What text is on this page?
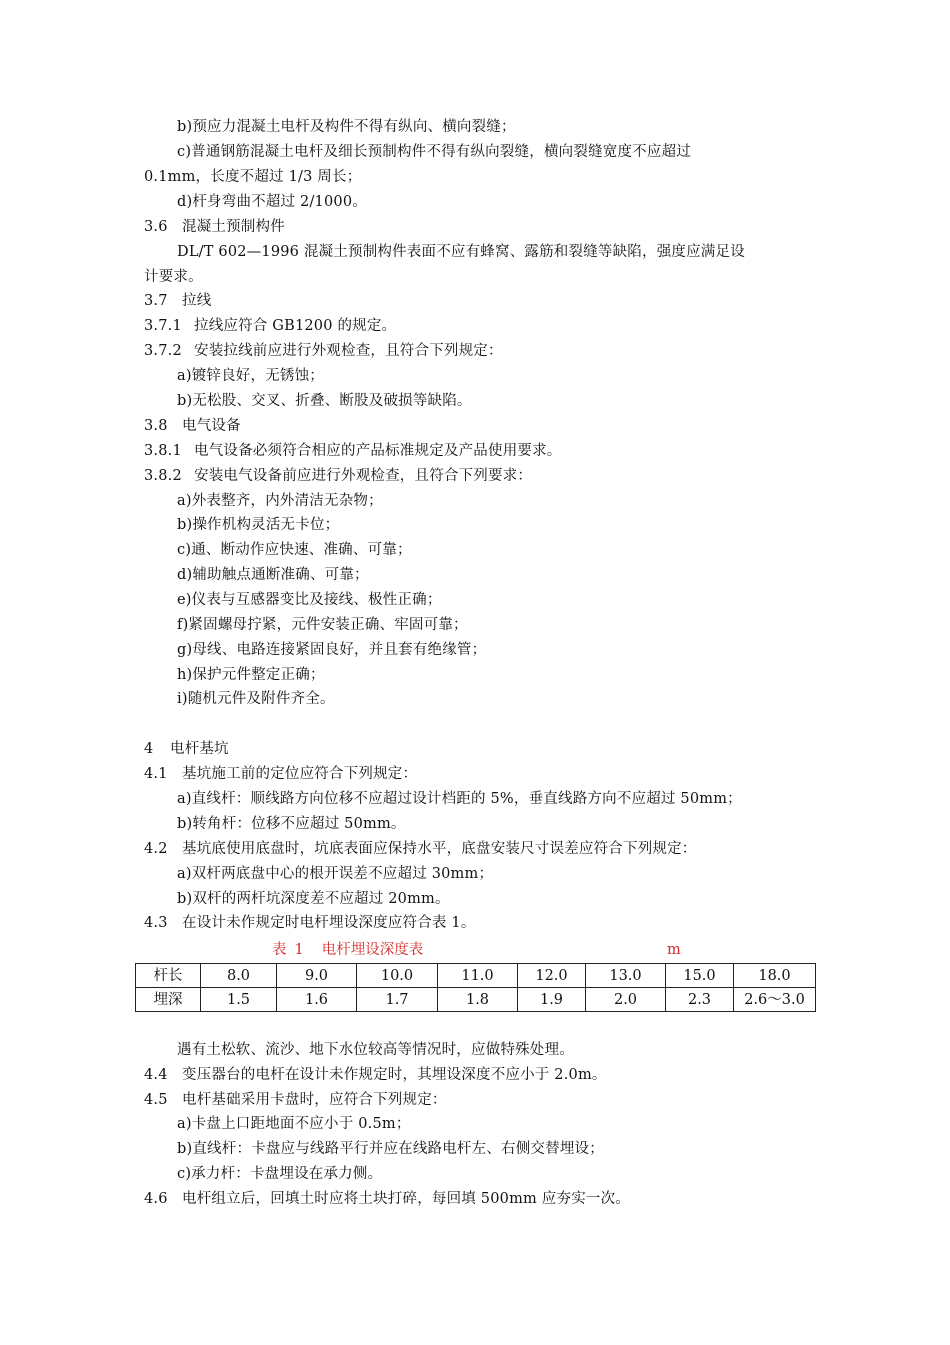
b)预应力混凝土电杆及构件不得有纵向、横向裂缝；
c)普通钢筋混凝土电杆及细长预制构件不得有纵向裂缝，横向裂缝宽度不应超过
0.1mm，长度不超过 1/3 周长；
d)杆身弯曲不超过 2/1000。
3.6 混凝土预制构件
DL/T 602—1996 混凝土预制构件表面不应有蜂窝、露筋和裂缝等缺陷，强度应满足设
计要求。
3.7 拉线
3.7.1 拉线应符合 GB1200 的规定。
3.7.2 安装拉线前应进行外观检查，且符合下列规定：
a)镀锌良好，无锈蚀；
b)无松股、交叉、折叠、断股及破损等缺陷。
3.8 电气设备
3.8.1 电气设备必须符合相应的产品标准规定及产品使用要求。
3.8.2 安装电气设备前应进行外观检查，且符合下列要求：
a)外表整齐，内外清洁无杂物；
b)操作机构灵活无卡位；
c)通、断动作应快速、准确、可靠；
d)辅助触点通断准确、可靠；
e)仪表与互感器变比及接线、极性正确；
f)紧固螺母拧紧，元件安装正确、牢固可靠；
g)母线、电路连接紧固良好，并且套有绝缘管；
h)保护元件整定正确；
i)随机元件及附件齐全。
4 电杆基坑
4.1 基坑施工前的定位应符合下列规定：
a)直线杆：顺线路方向位移不应超过设计档距的 5%，垂直线路方向不应超过 50mm；
b)转角杆：位移不应超过 50mm。
4.2 基坑底使用底盘时，坑底表面应保持水平，底盘安装尺寸误差应符合下列规定：
a)双杆两底盘中心的根开误差不应超过 30mm；
b)双杆的两杆坑深度差不应超过 20mm。
4.3 在设计未作规定时电杆埋设深度应符合表 1。
表 1 电杆埋设深度表	m
杆长	8.0	9.0	10.0	11.0	12.0	13.0	15.0	18.0
埋深	1.5	1.6	1.7	1.8	1.9	2.0	2.3	2.6～3.0
遇有土松软、流沙、地下水位较高等情况时，应做特殊处理。
4.4 变压器台的电杆在设计未作规定时，其埋设深度不应小于 2.0m。
4.5 电杆基础采用卡盘时，应符合下列规定：
a)卡盘上口距地面不应小于 0.5m；
b)直线杆：卡盘应与线路平行并应在线路电杆左、右侧交替埋设；
c)承力杆：卡盘埋设在承力侧。
4.6 电杆组立后，回填土时应将土块打碎，每回填 500mm 应夯实一次。
